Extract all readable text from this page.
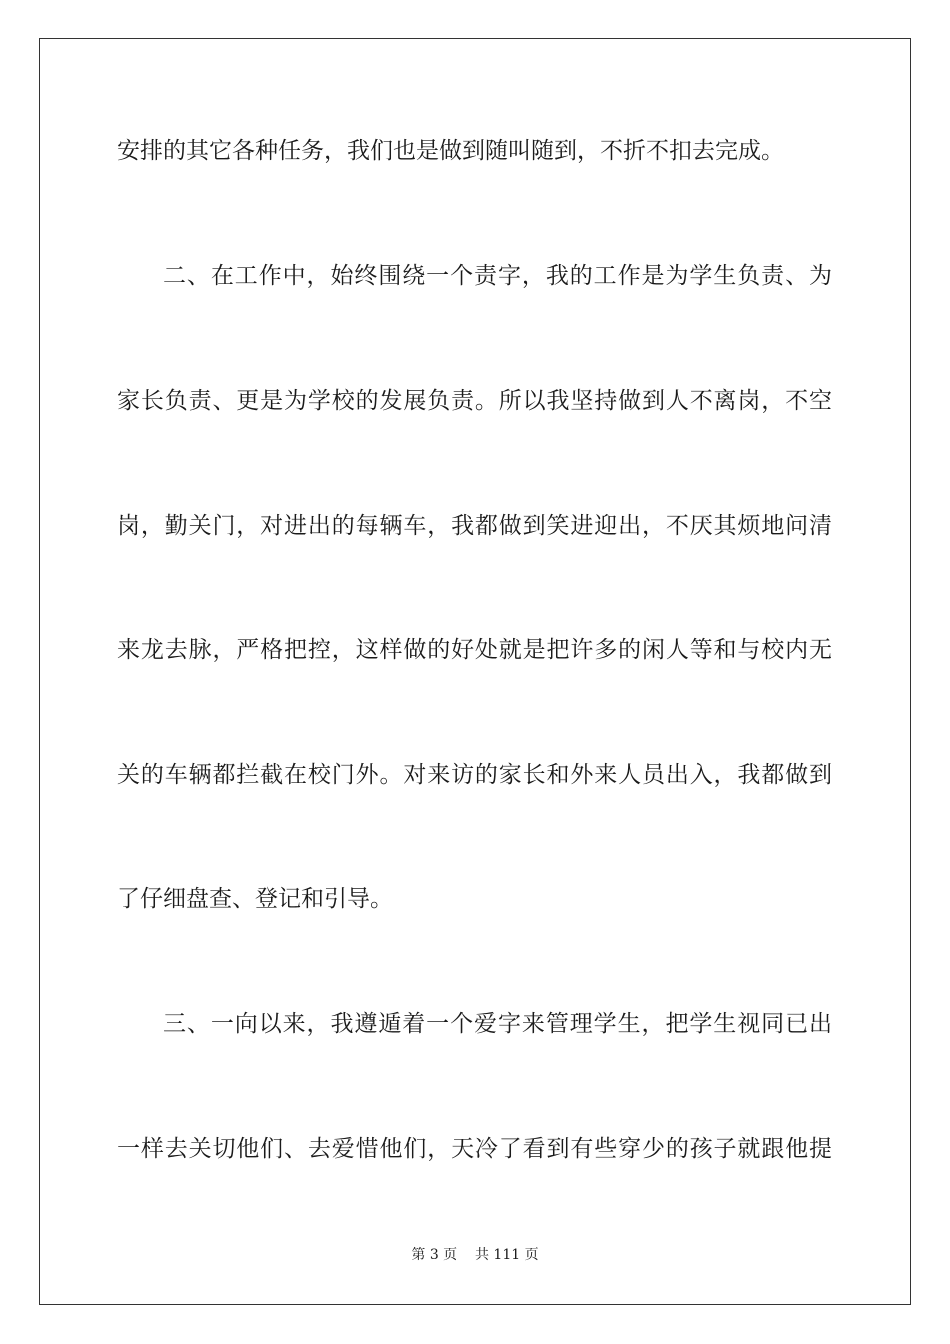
安排的其它各种任务，我们也是做到随叫随到，不折不扣去完成。
二、在工作中，始终围绕一个责字，我的工作是为学生负责、为
家长负责、更是为学校的发展负责。所以我坚持做到人不离岗，不空
岗，勤关门，对进出的每辆车，我都做到笑进迎出，不厌其烦地问清
来龙去脉，严格把控，这样做的好处就是把许多的闲人等和与校内无
关的车辆都拦截在校门外。对来访的家长和外来人员出入，我都做到
了仔细盘查、登记和引导。
三、一向以来，我遵遁着一个爱字来管理学生，把学生视同已出
一样去关切他们、去爱惜他们，天冷了看到有些穿少的孩子就跟他提
第 3 页    共 111 页
